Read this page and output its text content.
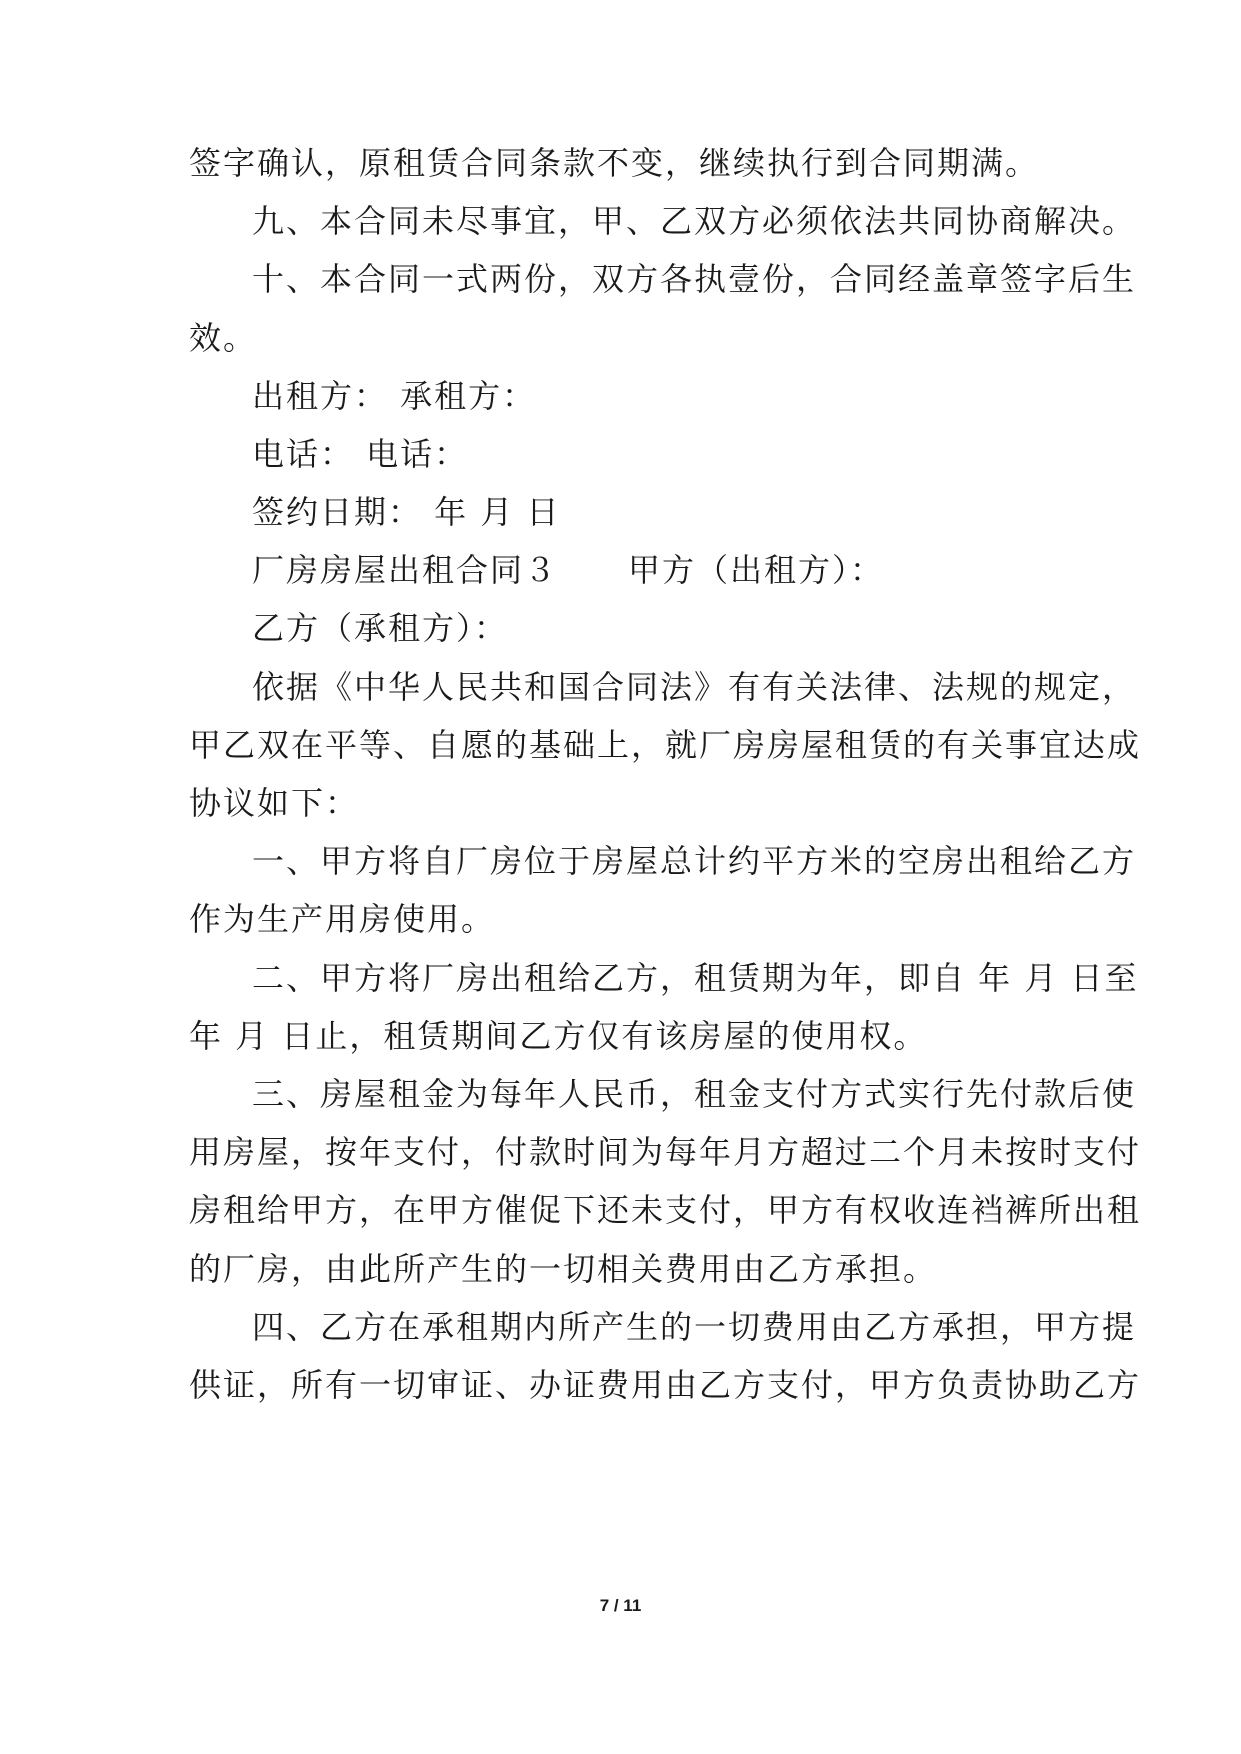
签字确认，原租赁合同条款不变，继续执行到合同期满。
九、本合同未尽事宜，甲、乙双方必须依法共同协商解决。
十、本合同一式两份，双方各执壹份，合同经盖章签字后生
效。
出租方： 承租方：
电话： 电话：
签约日期： 年 月 日
厂房房屋出租合同３ 甲方（出租方）：
乙方（承租方）：
依据《中华人民共和国合同法》有有关法律、法规的规定，
甲乙双在平等、自愿的基础上，就厂房房屋租赁的有关事宜达成
协议如下：
一、甲方将自厂房位于房屋总计约平方米的空房出租给乙方
作为生产用房使用。
二、甲方将厂房出租给乙方，租赁期为年，即自 年 月 日至
年 月 日止，租赁期间乙方仅有该房屋的使用权。
三、房屋租金为每年人民币，租金支付方式实行先付款后使
用房屋，按年支付，付款时间为每年月方超过二个月未按时支付
房租给甲方，在甲方催促下还未支付，甲方有权收连裆裤所出租
的厂房，由此所产生的一切相关费用由乙方承担。
四、乙方在承租期内所产生的一切费用由乙方承担，甲方提
供证，所有一切审证、办证费用由乙方支付，甲方负责协助乙方
7 / 11
